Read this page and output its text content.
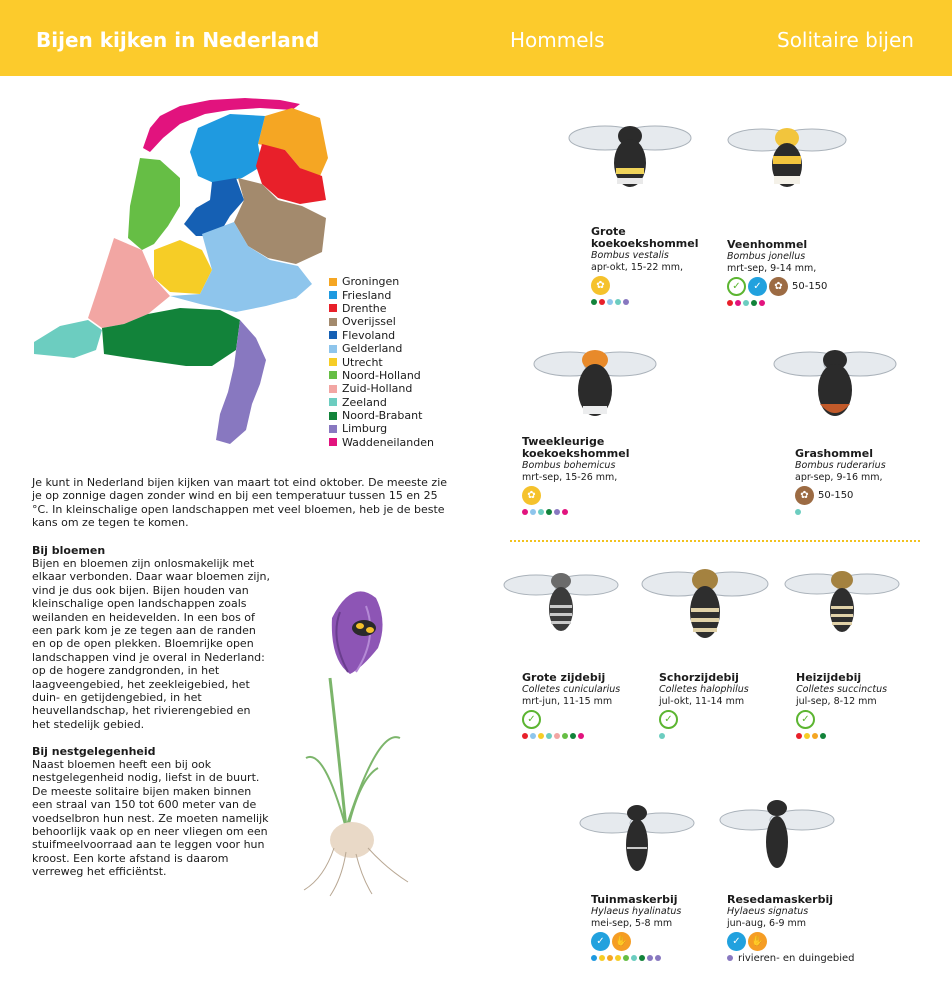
Bijen kijken in Nederland	Hommels	Solitaire bijen
Groningen
Friesland
Drenthe
Overijssel
Flevoland
Gelderland
Utrecht
Noord-Holland
Zuid-Holland
Zeeland
Noord-Brabant
Limburg
Waddeneilanden
Je kunt in Nederland bijen kijken van maart tot eind oktober. De meeste zie je op zonnige dagen zonder wind en bij een temperatuur tussen 15 en 25 °C. In kleinschalige open landschappen met veel bloemen, heb je de beste kans om ze tegen te komen.
Bij bloemen
Bijen en bloemen zijn onlosmakelijk met elkaar verbonden. Daar waar bloemen zijn, vind je dus ook bijen. Bijen houden van kleinschalige open landschappen zoals weilanden en heidevelden. In een bos of een park kom je ze tegen aan de randen en op de open plekken. Bloemrijke open landschappen vind je overal in Nederland: op de hogere zandgronden, in het laagveengebied, het zeekleigebied, het duin- en getijdengebied, in het heuvellandschap, het rivierengebied en het stedelijk gebied.
Bij nestgelegenheid
Naast bloemen heeft een bij ook nestgelegenheid nodig, liefst in de buurt. De meeste solitaire bijen maken binnen een straal van 150 tot 600 meter van de voedselbron hun nest. Ze moeten namelijk behoorlijk vaak op en neer vliegen om een stuifmeelvoorraad aan te leggen voor hun kroost. Een korte afstand is daarom verreweg het efficiëntst.
Grote koekoekshommel
Bombus vestalis
apr-okt, 15-22 mm,
✿
Veenhommel
Bombus jonellus
mrt-sep, 9-14 mm,
✓	✓	✿ 50-150
Tweekleurige koekoekshommel
Bombus bohemicus
mrt-sep, 15-26 mm,
✿
Grashommel
Bombus ruderarius
apr-sep, 9-16 mm,
✿ 50-150
Grote zijdebij
Colletes cunicularius
mrt-jun, 11-15 mm
✓
Schorzijdebij
Colletes halophilus
jul-okt, 11-14 mm
✓
Heizijdebij
Colletes succinctus
jul-sep, 8-12 mm
✓
Tuinmaskerbij
Hylaeus hyalinatus
mei-sep, 5-8 mm
✓	✋
Resedamaskerbij
Hylaeus signatus
jun-aug, 6-9 mm
✓	✋
rivieren- en duingebied
